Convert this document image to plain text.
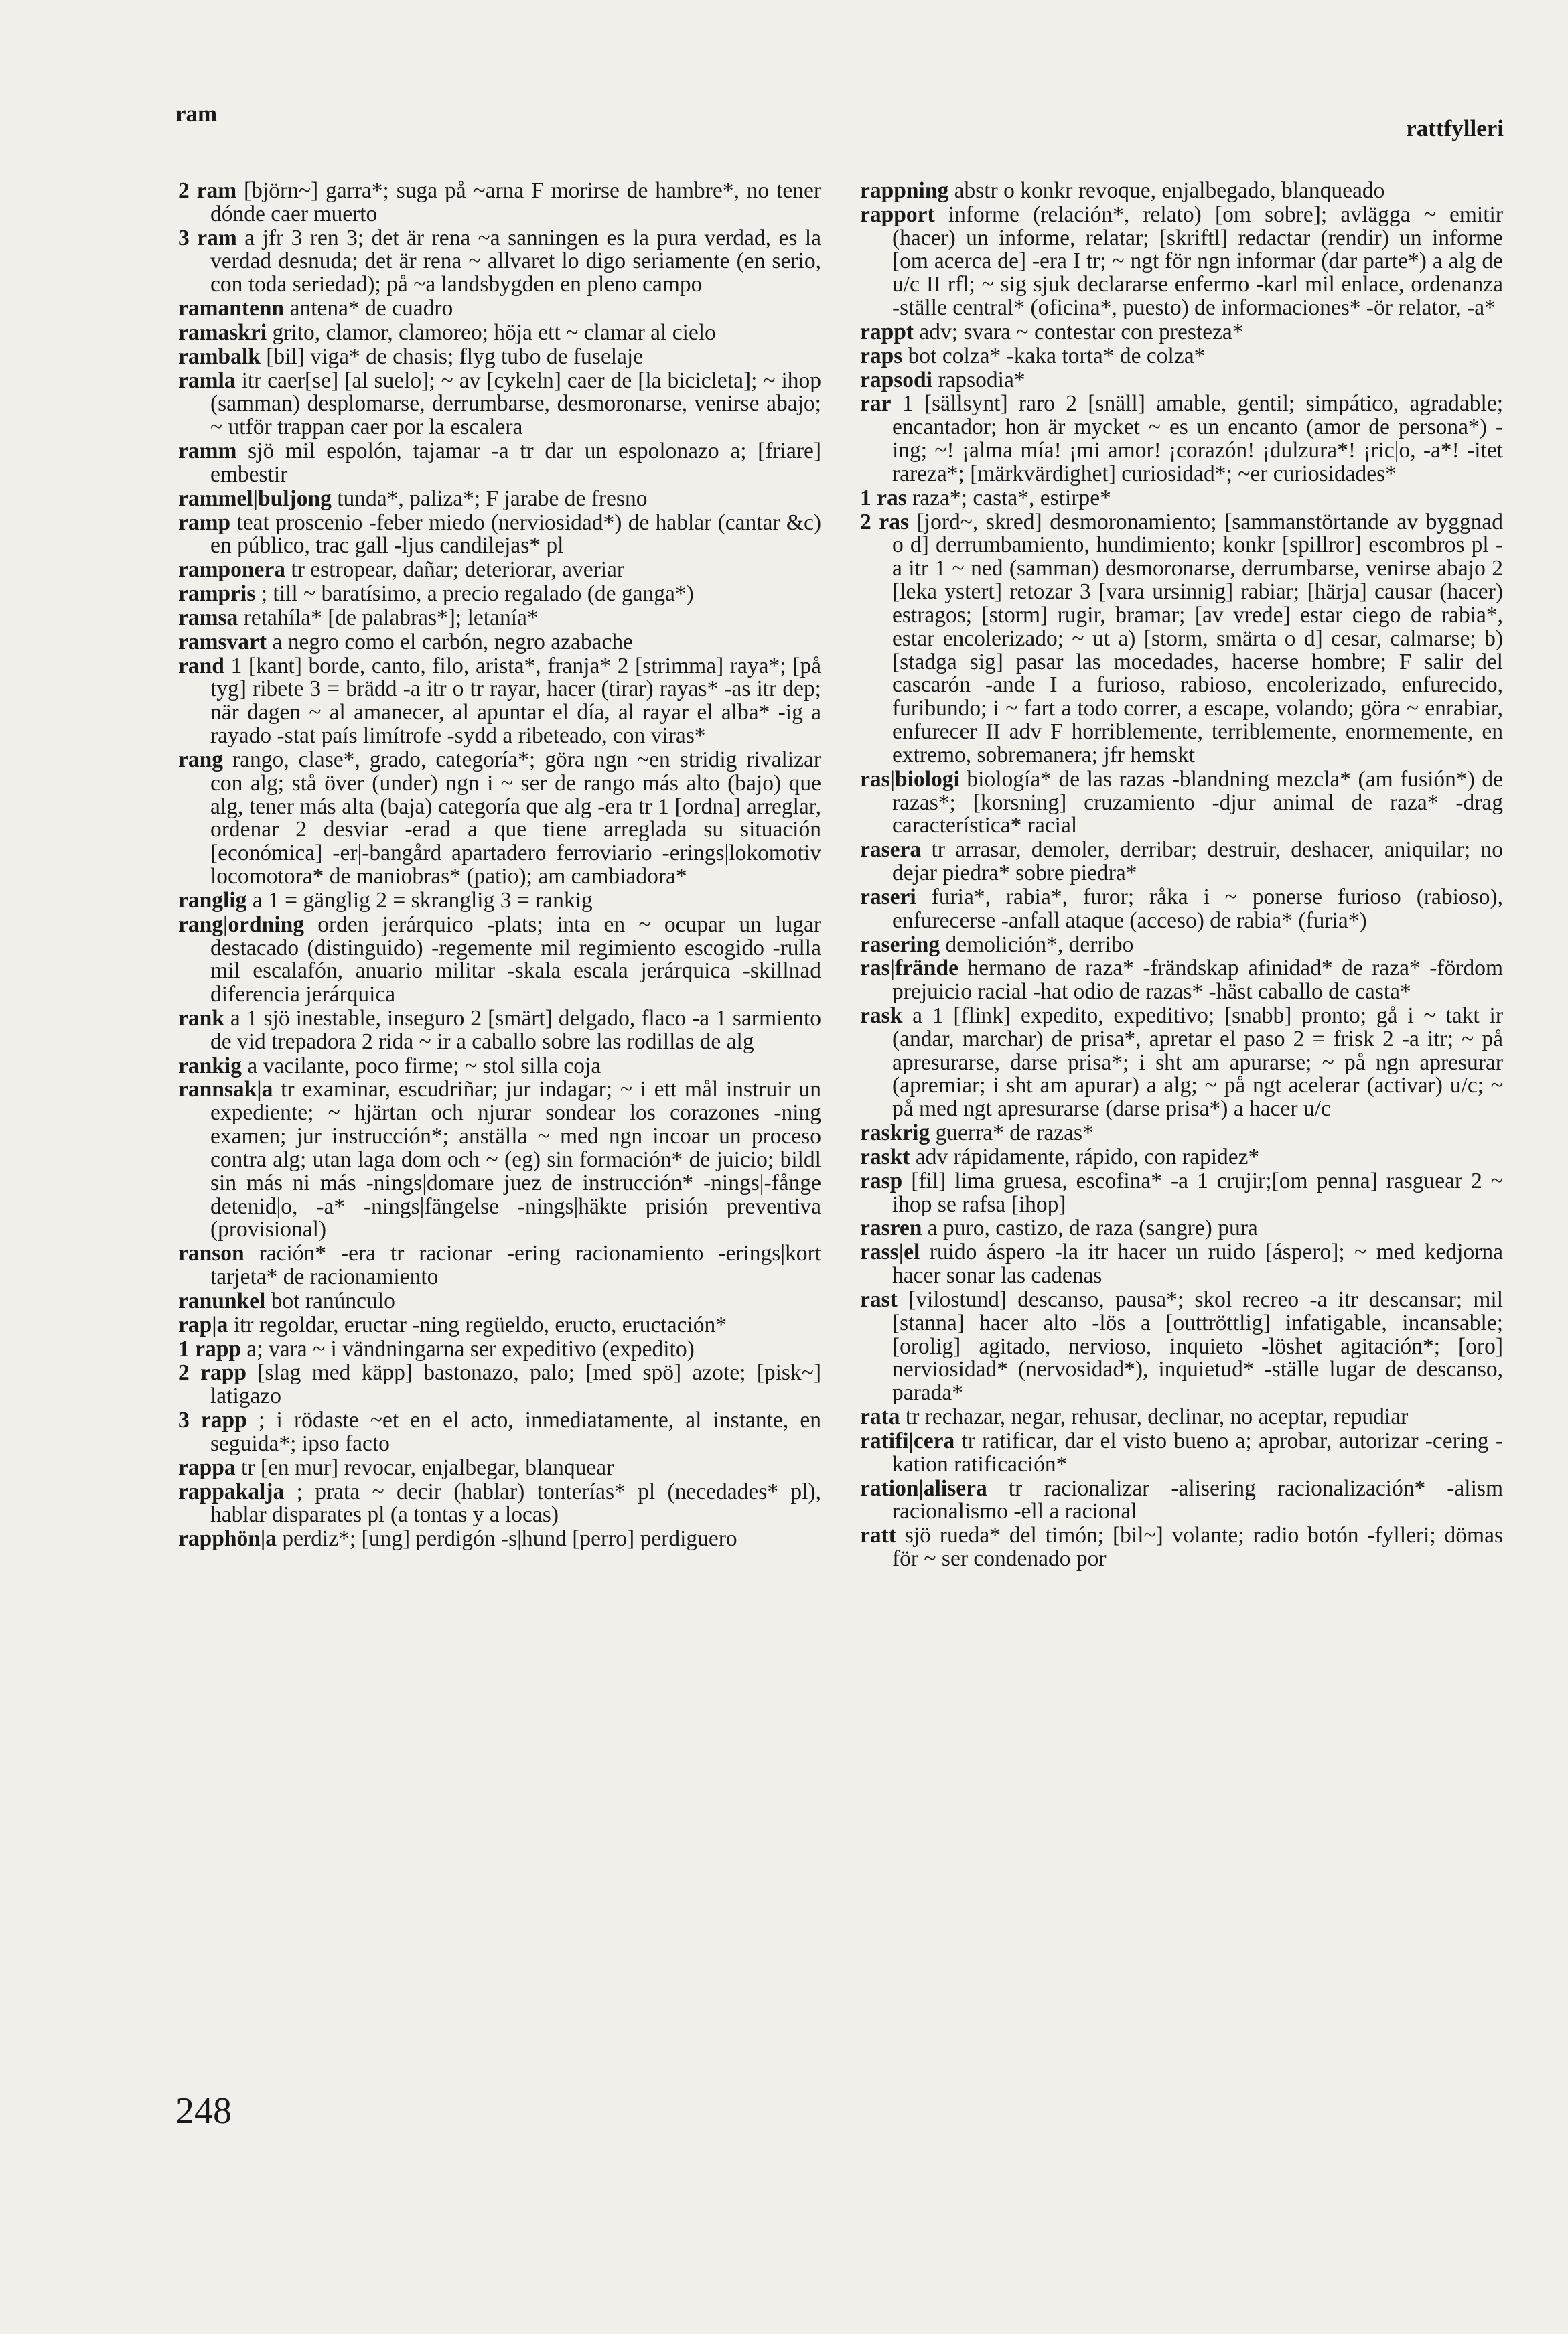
ram
rattfylleri

2 ram [björn~] garra*; suga på ~arna F morirse de hambre*, no tener dónde caer muerto

3 ram a jfr 3 ren 3; det är rena ~a sanningen es la pura verdad, es la verdad desnuda; det är rena ~ allvaret lo digo seriamente (en serio, con toda seriedad); på ~a landsbygden en pleno campo

ramantenn antena* de cuadro

ramaskri grito, clamor, clamoreo; höja ett ~ clamar al cielo

rambalk [bil] viga* de chasis; flyg tubo de fuselaje

ramla itr caer[se] [al suelo]; ~ av [cykeln] caer de [la bicicleta]; ~ ihop (samman) desplomarse, derrumbarse, desmoronarse, venirse abajo; ~ utför trappan caer por la escalera

ramm sjö mil espolón, tajamar -a tr dar un espolonazo a; [friare] embestir

rammel|buljong tunda*, paliza*; F jarabe de fresno

ramp teat proscenio -feber miedo (nerviosidad*) de hablar (cantar &c) en público, trac gall -ljus candilejas* pl

ramponera tr estropear, dañar; deteriorar, averiar

rampris ; till ~ baratísimo, a precio regalado (de ganga*)

ramsa retahíla* [de palabras*]; letanía*

ramsvart a negro como el carbón, negro azabache

rand 1 [kant] borde, canto, filo, arista*, franja* 2 [strimma] raya*; [på tyg] ribete 3 = brädd -a itr o tr rayar, hacer (tirar) rayas* -as itr dep; när dagen ~ al amanecer, al apuntar el día, al rayar el alba* -ig a rayado -stat país limítrofe -sydd a ribeteado, con viras*

rang rango, clase*, grado, categoría*; göra ngn ~en stridig rivalizar con alg; stå över (under) ngn i ~ ser de rango más alto (bajo) que alg, tener más alta (baja) categoría que alg -era tr 1 [ordna] arreglar, ordenar 2 desviar -erad a que tiene arreglada su situación [económica] -er|-bangård apartadero ferroviario -erings|lokomotiv locomotora* de maniobras* (patio); am cambiadora*

ranglig a 1 = gänglig 2 = skranglig 3 = rankig

rang|ordning orden jerárquico -plats; inta en ~ ocupar un lugar destacado (distinguido) -regemente mil regimiento escogido -rulla mil escalafón, anuario militar -skala escala jerárquica -skillnad diferencia jerárquica

rank a 1 sjö inestable, inseguro 2 [smärt] delgado, flaco -a 1 sarmiento de vid trepadora 2 rida ~ ir a caballo sobre las rodillas de alg

rankig a vacilante, poco firme; ~ stol silla coja

rannsak|a tr examinar, escudriñar; jur indagar; ~ i ett mål instruir un expediente; ~ hjärtan och njurar sondear los corazones -ning examen; jur instrucción*; anställa ~ med ngn incoar un proceso contra alg; utan laga dom och ~ (eg) sin formación* de juicio; bildl sin más ni más -nings|domare juez de instrucción* -nings|-fånge detenid|o, -a* -nings|fängelse -nings|häkte prisión preventiva (provisional)

ranson ración* -era tr racionar -ering racionamiento -erings|kort tarjeta* de racionamiento

ranunkel bot ranúnculo

rap|a itr regoldar, eructar -ning regüeldo, eructo, eructación*

1 rapp a; vara ~ i vändningarna ser expeditivo (expedito)

2 rapp [slag med käpp] bastonazo, palo; [med spö] azote; [pisk~] latigazo

3 rapp ; i rödaste ~et en el acto, inmediatamente, al instante, en seguida*; ipso facto

rappa tr [en mur] revocar, enjalbegar, blanquear

rappakalja ; prata ~ decir (hablar) tonterías* pl (necedades* pl), hablar disparates pl (a tontas y a locas)

rapphön|a perdiz*; [ung] perdigón -s|hund [perro] perdiguero

rappning abstr o konkr revoque, enjalbegado, blanqueado

rapport informe (relación*, relato) [om sobre]; avlägga ~ emitir (hacer) un informe, relatar; [skriftl] redactar (rendir) un informe [om acerca de] -era I tr; ~ ngt för ngn informar (dar parte*) a alg de u/c II rfl; ~ sig sjuk declararse enfermo -karl mil enlace, ordenanza -ställe central* (oficina*, puesto) de informaciones* -ör relator, -a*

rappt adv; svara ~ contestar con presteza*

raps bot colza* -kaka torta* de colza*

rapsodi rapsodia*

rar 1 [sällsynt] raro 2 [snäll] amable, gentil; simpático, agradable; encantador; hon är mycket ~ es un encanto (amor de persona*) -ing; ~! ¡alma mía! ¡mi amor! ¡corazón! ¡dulzura*! ¡ric|o, -a*! -itet rareza*; [märkvärdighet] curiosidad*; ~er curiosidades*

1 ras raza*; casta*, estirpe*

2 ras [jord~, skred] desmoronamiento; [sammanstörtande av byggnad o d] derrumbamiento, hundimiento; konkr [spillror] escombros pl -a itr 1 ~ ned (samman) desmoronarse, derrumbarse, venirse abajo 2 [leka ystert] retozar 3 [vara ursinnig] rabiar; [härja] causar (hacer) estragos; [storm] rugir, bramar; [av vrede] estar ciego de rabia*, estar encolerizado; ~ ut a) [storm, smärta o d] cesar, calmarse; b) [stadga sig] pasar las mocedades, hacerse hombre; F salir del cascarón -ande I a furioso, rabioso, encolerizado, enfurecido, furibundo; i ~ fart a todo correr, a escape, volando; göra ~ enrabiar, enfurecer II adv F horriblemente, terriblemente, enormemente, en extremo, sobremanera; jfr hemskt

ras|biologi biología* de las razas -blandning mezcla* (am fusión*) de razas*; [korsning] cruzamiento -djur animal de raza* -drag característica* racial

rasera tr arrasar, demoler, derribar; destruir, deshacer, aniquilar; no dejar piedra* sobre piedra*

raseri furia*, rabia*, furor; råka i ~ ponerse furioso (rabioso), enfurecerse -anfall ataque (acceso) de rabia* (furia*)

rasering demolición*, derribo

ras|frände hermano de raza* -frändskap afinidad* de raza* -fördom prejuicio racial -hat odio de razas* -häst caballo de casta*

rask a 1 [flink] expedito, expeditivo; [snabb] pronto; gå i ~ takt ir (andar, marchar) de prisa*, apretar el paso 2 = frisk 2 -a itr; ~ på apresurarse, darse prisa*; i sht am apurarse; ~ på ngn apresurar (apremiar; i sht am apurar) a alg; ~ på ngt acelerar (activar) u/c; ~ på med ngt apresurarse (darse prisa*) a hacer u/c

raskrig guerra* de razas*

raskt adv rápidamente, rápido, con rapidez*

rasp [fil] lima gruesa, escofina* -a 1 crujir;[om penna] rasguear 2 ~ ihop se rafsa [ihop]

rasren a puro, castizo, de raza (sangre) pura

rass|el ruido áspero -la itr hacer un ruido [áspero]; ~ med kedjorna hacer sonar las cadenas

rast [vilostund] descanso, pausa*; skol recreo -a itr descansar; mil [stanna] hacer alto -lös a [outtröttlig] infatigable, incansable; [orolig] agitado, nervioso, inquieto -löshet agitación*; [oro] nerviosidad* (nervosidad*), inquietud* -ställe lugar de descanso, parada*

rata tr rechazar, negar, rehusar, declinar, no aceptar, repudiar

ratifi|cera tr ratificar, dar el visto bueno a; aprobar, autorizar -cering -kation ratificación*

ration|alisera tr racionalizar -alisering racionalización* -alism racionalismo -ell a racional

ratt sjö rueda* del timón; [bil~] volante; radio botón -fylleri; dömas för ~ ser condenado por

248
